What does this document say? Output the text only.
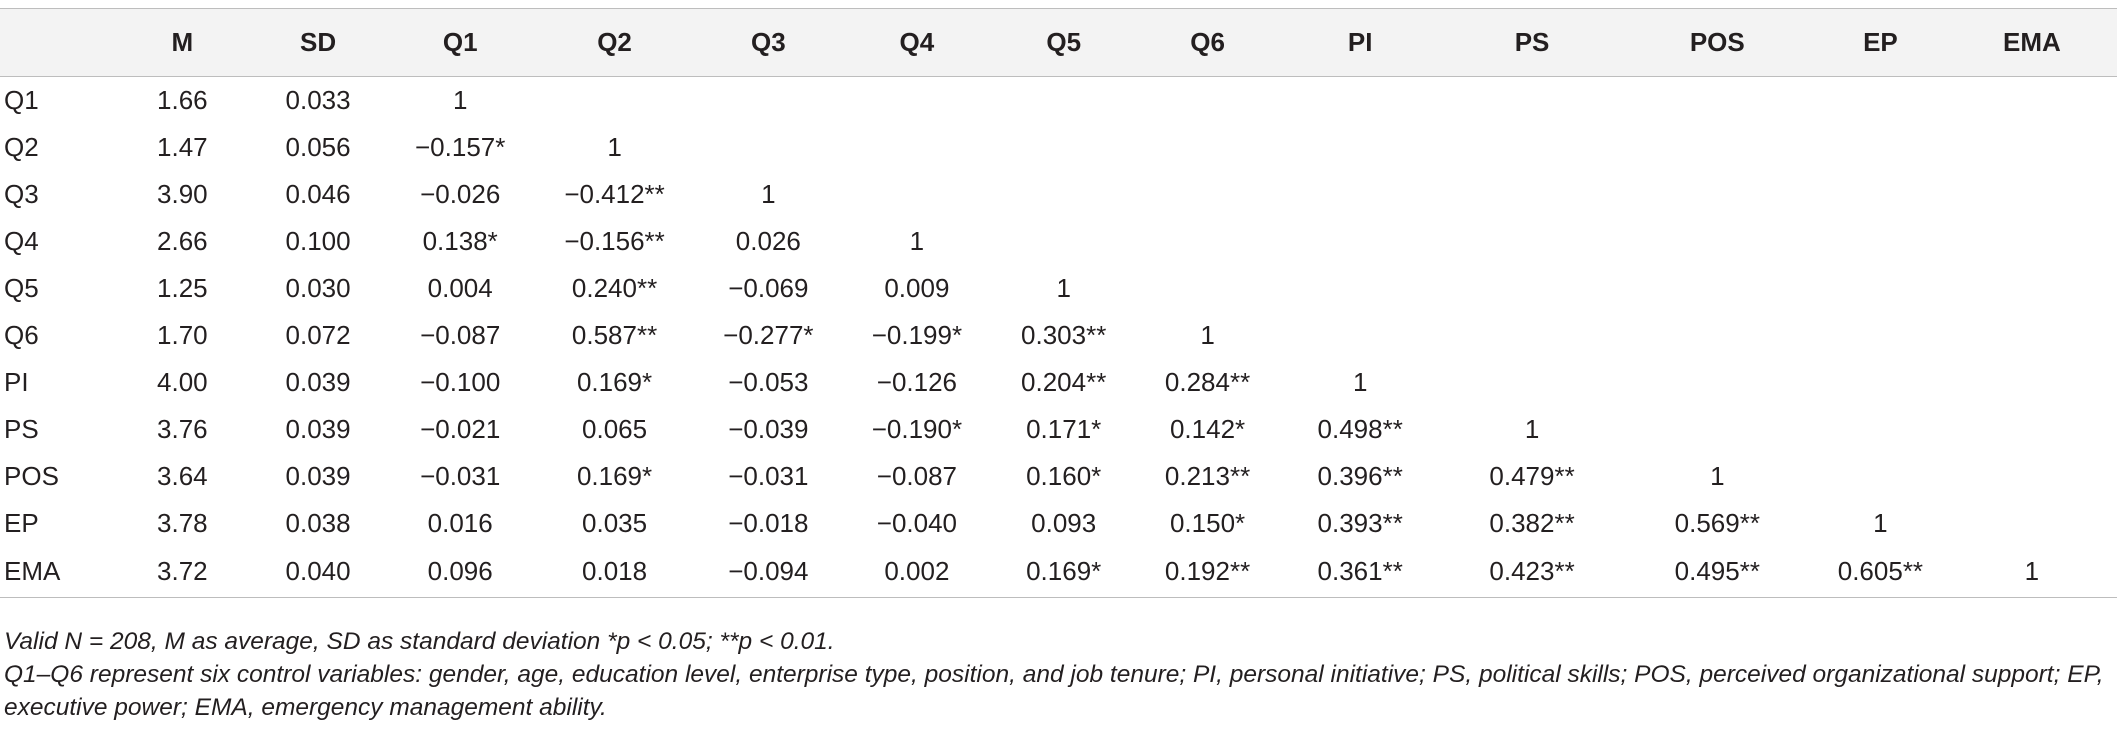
	M	SD	Q1	Q2	Q3	Q4	Q5	Q6	PI	PS	POS	EP	EMA
Q1	1.66	0.033	1										
Q2	1.47	0.056	−0.157*	1									
Q3	3.90	0.046	−0.026	−0.412**	1								
Q4	2.66	0.100	0.138*	−0.156**	0.026	1							
Q5	1.25	0.030	0.004	0.240**	−0.069	0.009	1						
Q6	1.70	0.072	−0.087	0.587**	−0.277*	−0.199*	0.303**	1					
PI	4.00	0.039	−0.100	0.169*	−0.053	−0.126	0.204**	0.284**	1				
PS	3.76	0.039	−0.021	0.065	−0.039	−0.190*	0.171*	0.142*	0.498**	1			
POS	3.64	0.039	−0.031	0.169*	−0.031	−0.087	0.160*	0.213**	0.396**	0.479**	1		
EP	3.78	0.038	0.016	0.035	−0.018	−0.040	0.093	0.150*	0.393**	0.382**	0.569**	1	
EMA	3.72	0.040	0.096	0.018	−0.094	0.002	0.169*	0.192**	0.361**	0.423**	0.495**	0.605**	1

Valid N = 208, M as average, SD as standard deviation *p < 0.05; **p < 0.01.

Q1–Q6 represent six control variables: gender, age, education level, enterprise type, position, and job tenure; PI, personal initiative; PS, political skills; POS, perceived organizational support; EP, executive power; EMA, emergency management ability.
